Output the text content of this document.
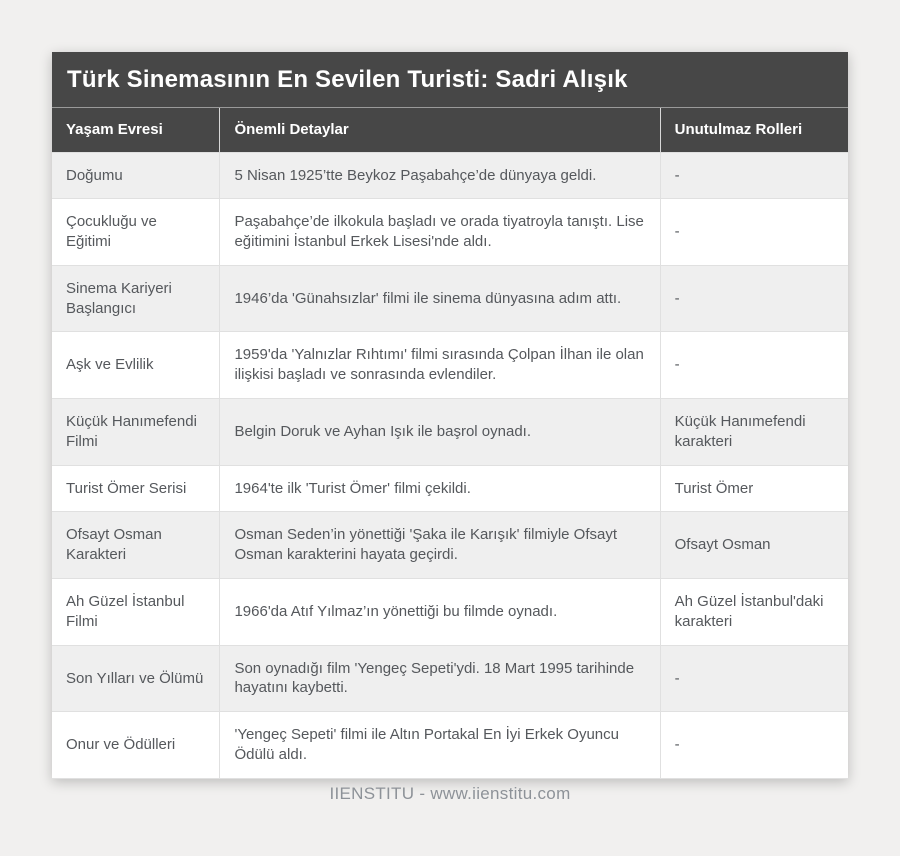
Türk Sinemasının En Sevilen Turisti: Sadri Alışık
Yaşam Evresi	Önemli Detaylar	Unutulmaz Rolleri
Doğumu	5 Nisan 1925’tte Beykoz Paşabahçe’de dünyaya geldi.	-
Çocukluğu ve Eğitimi	Paşabahçe’de ilkokula başladı ve orada tiyatroyla tanıştı. Lise eğitimini İstanbul Erkek Lisesi'nde aldı.	-
Sinema Kariyeri Başlangıcı	1946’da 'Günahsızlar' filmi ile sinema dünyasına adım attı.	-
Aşk ve Evlilik	1959'da 'Yalnızlar Rıhtımı' filmi sırasında Çolpan İlhan ile olan ilişkisi başladı ve sonrasında evlendiler.	-
Küçük Hanımefendi Filmi	Belgin Doruk ve Ayhan Işık ile başrol oynadı.	Küçük Hanımefendi karakteri
Turist Ömer Serisi	1964'te ilk 'Turist Ömer' filmi çekildi.	Turist Ömer
Ofsayt Osman Karakteri	Osman Seden’in yönettiği 'Şaka ile Karışık' filmiyle Ofsayt Osman karakterini hayata geçirdi.	Ofsayt Osman
Ah Güzel İstanbul Filmi	1966'da Atıf Yılmaz’ın yönettiği bu filmde oynadı.	Ah Güzel İstanbul'daki karakteri
Son Yılları ve Ölümü	Son oynadığı film 'Yengeç Sepeti'ydi. 18 Mart 1995 tarihinde hayatını kaybetti.	-
Onur ve Ödülleri	'Yengeç Sepeti' filmi ile Altın Portakal En İyi Erkek Oyuncu Ödülü aldı.	-
IIENSTITU - www.iienstitu.com
